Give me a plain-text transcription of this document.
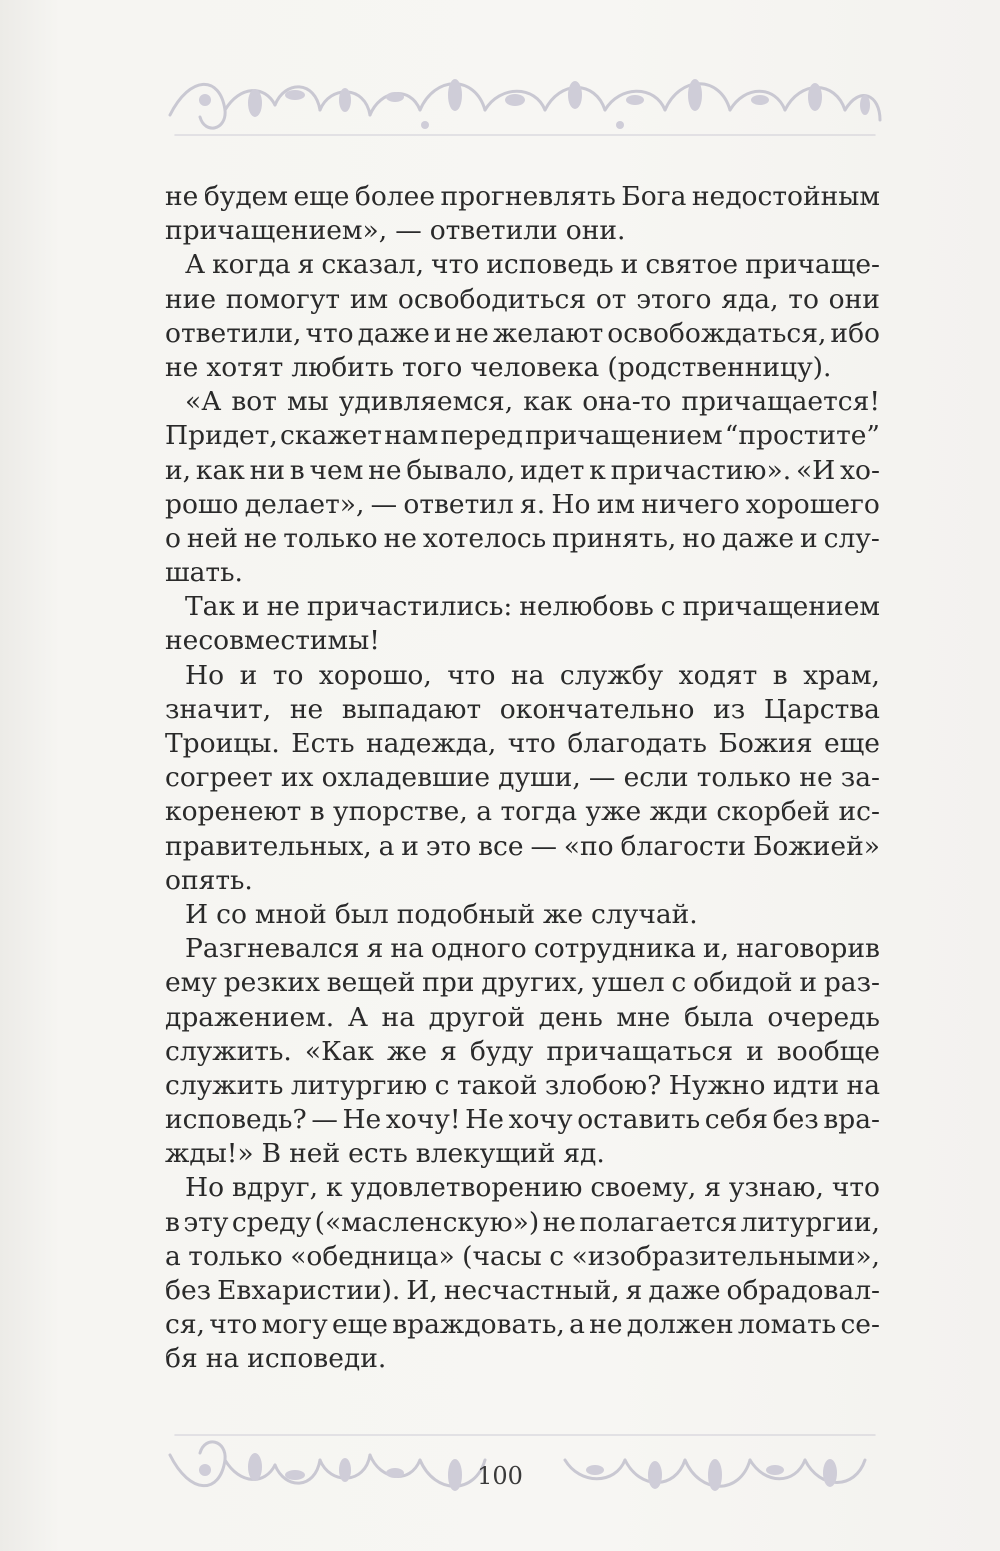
не будем еще более прогневлять Бога недостойным
причащением», — ответили они.
А когда я сказал, что исповедь и святое причаще-
ние помогут им освободиться от этого яда, то они
ответили, что даже и не желают освобождаться, ибо
не хотят любить того человека (родственницу).
«А вот мы удивляемся, как она-то причащается!
Придет, скажет нам перед причащением “простите”
и, как ни в чем не бывало, идет к причастию». «И хо-
рошо делает», — ответил я. Но им ничего хорошего
о ней не только не хотелось принять, но даже и слу-
шать.
Так и не причастились: нелюбовь с причащением
несовместимы!
Но и то хорошо, что на службу ходят в храм,
значит, не выпадают окончательно из Царства
Троицы. Есть надежда, что благодать Божия еще
согреет их охладевшие души, — если только не за-
коренеют в упорстве, а тогда уже жди скорбей ис-
правительных, а и это все — «по благости Божией»
опять.
И со мной был подобный же случай.
Разгневался я на одного сотрудника и, наговорив
ему резких вещей при других, ушел с обидой и раз-
дражением. А на другой день мне была очередь
служить. «Как же я буду причащаться и вообще
служить литургию с такой злобою? Нужно идти на
исповедь? — Не хочу! Не хочу оставить себя без вра-
жды!» В ней есть влекущий яд.
Но вдруг, к удовлетворению своему, я узнаю, что
в эту среду («масленскую») не полагается литургии,
а только «обедница» (часы с «изобразительными»,
без Евхаристии). И, несчастный, я даже обрадовал-
ся, что могу еще враждовать, а не должен ломать се-
бя на исповеди.
100
